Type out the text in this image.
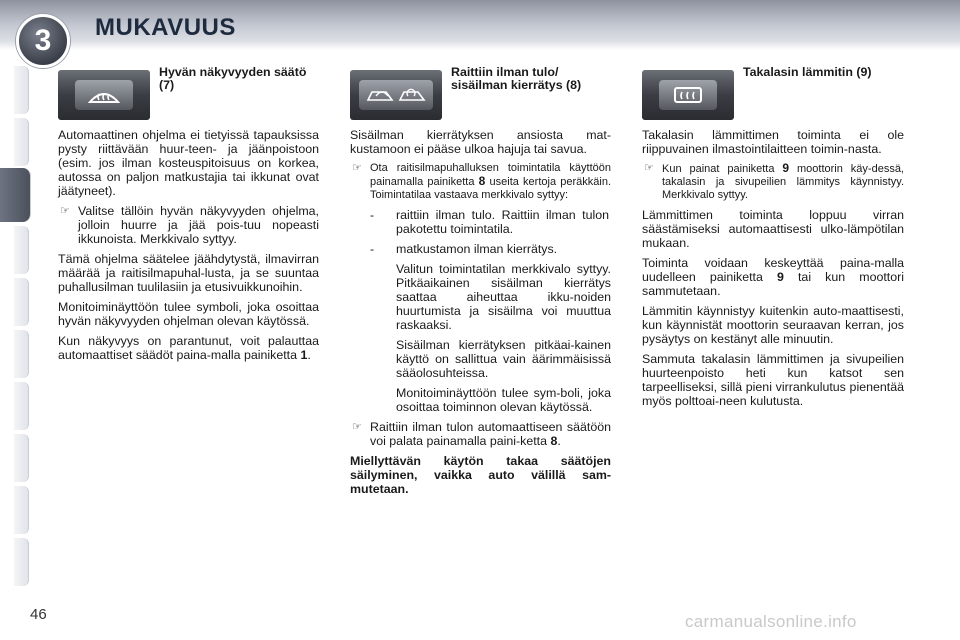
3	MUKAVUUS
Hyvän näkyvyyden säätö (7)

Automaattinen ohjelma ei tietyissä tapauksissa pysty riittävään huur-teen- ja jäänpoistoon (esim. jos ilman kosteuspitoisuus on korkea, autossa on paljon matkustajia tai ikkunat ovat jäätyneet).

☞ Valitse tällöin hyvän näkyvyyden ohjelma, jolloin huurre ja jää pois-tuu nopeasti ikkunoista. Merkkivalo syttyy.

Tämä ohjelma säätelee jäähdytystä, ilmavirran määrää ja raitisilmapuhal-lusta, ja se suuntaa puhallusilman tuulilasiin ja etusivuikkunoihin.

Monitoiminäyttöön tulee symboli, joka osoittaa hyvän näkyvyyden ohjelman olevan käytössä.

Kun näkyvyys on parantunut, voit palauttaa automaattiset säädöt paina-malla painiketta 1.

Raittiin ilman tulo/ sisäilman kierrätys (8)

Sisäilman kierrätyksen ansiosta mat-kustamoon ei pääse ulkoa hajuja tai savua.

☞ Ota raitisilmapuhalluksen toimintatila käyttöön painamalla painiketta 8 useita kertoja peräkkäin. Toimintatilaa vastaava merkkivalo syttyy:
- raittiin ilman tulo. Raittiin ilman tulon pakotettu toimintatila.
- matkustamon ilman kierrätys.
Valitun toimintatilan merkkivalo syttyy. Pitkäaikainen sisäilman kierrätys saattaa aiheuttaa ikku-noiden huurtumista ja sisäilma voi muuttua raskaaksi.
Sisäilman kierrätyksen pitkäai-kainen käyttö on sallittua vain äärimmäisissä sääolosuhteissa.
Monitoiminäyttöön tulee sym-boli, joka osoittaa toiminnon olevan käytössä.
☞ Raittiin ilman tulon automaattiseen säätöön voi palata painamalla paini-ketta 8.

Miellyttävän käytön takaa säätöjen säilyminen, vaikka auto välillä sam-mutetaan.

Takalasin lämmitin (9)

Takalasin lämmittimen toiminta ei ole riippuvainen ilmastointilaitteen toimin-nasta.

☞ Kun painat painiketta 9 moottorin käy-dessä, takalasin ja sivupeilien lämmitys käynnistyy. Merkkivalo syttyy.

Lämmittimen toiminta loppuu virran säästämiseksi automaattisesti ulko-lämpötilan mukaan.

Toiminta voidaan keskeyttää paina-malla uudelleen painiketta 9 tai kun moottori sammutetaan.

Lämmitin käynnistyy kuitenkin auto-maattisesti, kun käynnistät moottorin seuraavan kerran, jos pysäytys on kestänyt alle minuutin.

Sammuta takalasin lämmittimen ja sivupeilien huurteenpoisto heti kun katsot sen tarpeelliseksi, sillä pieni virrankulutus pienentää myös polttoai-neen kulutusta.

46	carmanualsonline.info
